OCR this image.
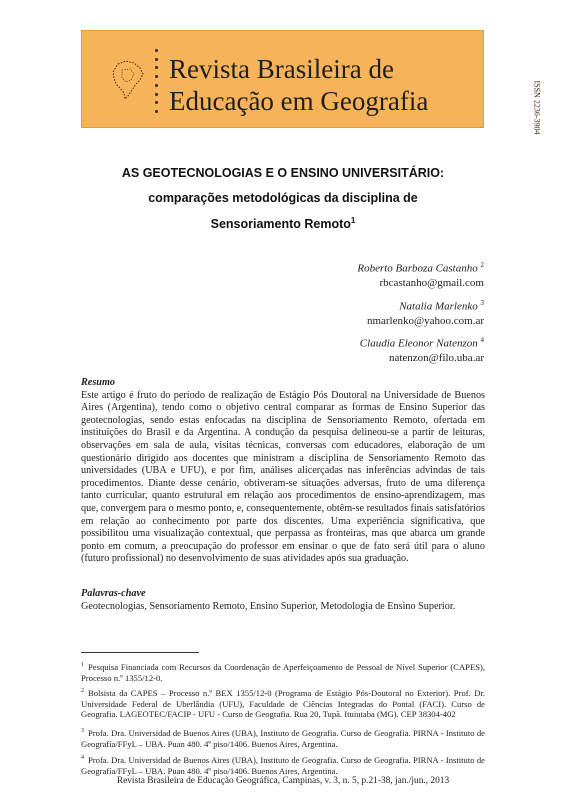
Revista Brasileira de
Educação em Geografia	ISSN 2236-3904
AS GEOTECNOLOGIAS E O ENSINO UNIVERSITÁRIO:
comparações metodológicas da disciplina de
Sensoriamento Remoto$^1$
Roberto Barboza Castanho $^2$
rbcastanho@gmail.com
Natalia Marlenko $^3$
nmarlenko@yahoo.com.ar
Claudia Eleonor Natenzon $^4$
natenzon@filo.uba.ar
Resumo
Este artigo é fruto do período de realização de Estágio Pós Doutoral na Universidade de Buenos Aires (Argentina), tendo como o objetivo central comparar as formas de Ensino Superior das geotecnologias, sendo estas enfocadas na disciplina de Sensoriamento Remoto, ofertada em instituições do Brasil e da Argentina. A condução da pesquisa delineou-se a partir de leituras, observações em sala de aula, visitas técnicas, conversas com educadores, elaboração de um questionário dirigido aos docentes que ministram a disciplina de Sensoriamento Remoto das universidades (UBA e UFU), e por fim, análises alicerçadas nas inferências advindas de tais procedimentos. Diante desse cenário, obtiveram-se situações adversas, fruto de uma diferença tanto curricular, quanto estrutural em relação aos procedimentos de ensino-aprendizagem, mas que, convergem para o mesmo ponto, e, consequentemente, obtêm-se resultados finais satisfatórios em relação ao conhecimento por parte dos discentes. Uma experiência significativa, que possibilitou uma visualização contextual, que perpassa as fronteiras, mas que abarca um grande ponto em comum, a preocupação do professor em ensinar o que de fato será útil para o aluno (futuro profissional) no desenvolvimento de suas atividades após sua graduação.
Palavras-chave
Geotecnologias, Sensoriamento Remoto, Ensino Superior, Metodologia de Ensino Superior.
$^1$ Pesquisa Financiada com Recursos da Coordenação de Aperfeiçoamento de Pessoal de Nível Superior (CAPES), Processo n.º 1355/12-0.
$^2$ Bolsista da CAPES – Processo n.º BEX 1355/12-0 (Programa de Estágio Pós-Doutoral no Exterior). Prof. Dr. Universidade Federal de Uberlândia (UFU), Faculdade de Ciências Integradas do Pontal (FACI). Curso de Geografia. LAGEOTEC/FACIP - UFU - Curso de Geografia. Rua 20, Tupã. Ituiutaba (MG). CEP 38304-402
$^3$ Profa. Dra. Universidad de Buenos Aires (UBA), Instituto de Geografia. Curso de Geografia. PIRNA - Instituto de Geografía/FFyL – UBA. Puan 480. 4º piso/1406. Buenos Aires, Argentina.
$^4$ Profa. Dra. Universidad de Buenos Aires (UBA), Instituto de Geografia. Curso de Geografia. PIRNA - Instituto de Geografía/FFyL – UBA. Puan 480. 4º piso/1406. Buenos Aires, Argentina.
Revista Brasileira de Educação Geográfica, Campinas, v. 3, n. 5, p.21-38, jan./jun., 2013
